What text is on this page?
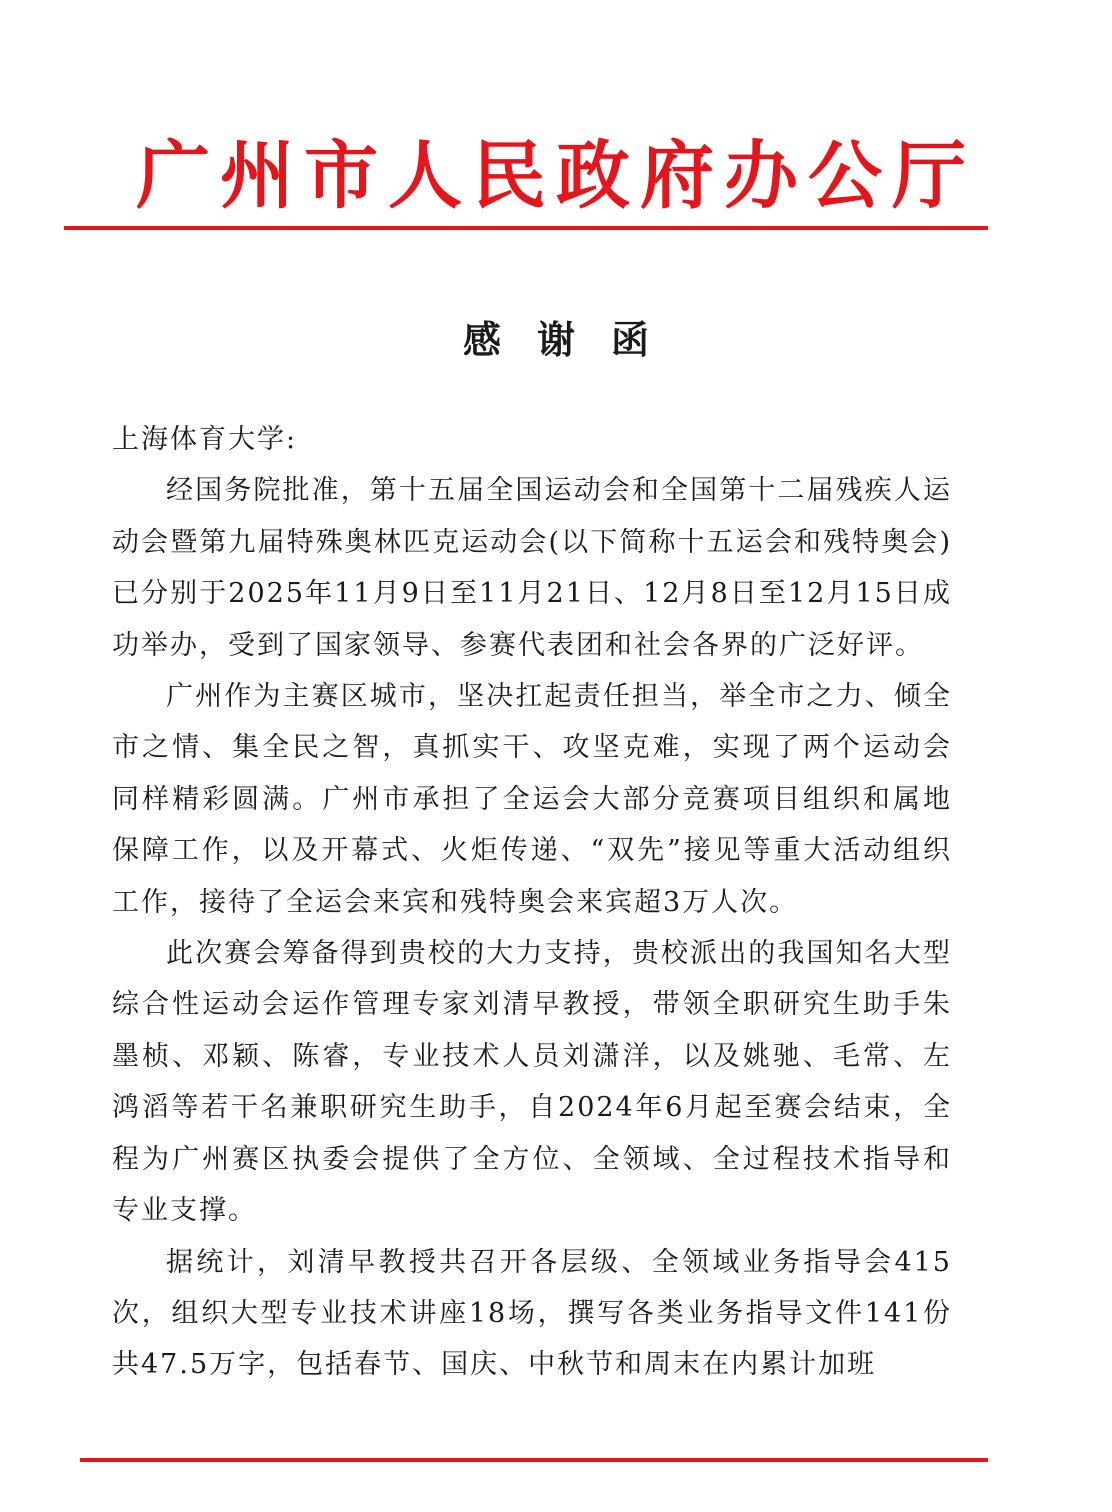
广州市人民政府办公厅
感谢函

上海体育大学:

经国务院批准，第十五届全国运动会和全国第十二届残疾人运动会暨第九届特殊奥林匹克运动会(以下简称十五运会和残特奥会)已分别于2025年11月9日至11月21日、12月8日至12月15日成功举办，受到了国家领导、参赛代表团和社会各界的广泛好评。

广州作为主赛区城市，坚决扛起责任担当，举全市之力、倾全市之情、集全民之智，真抓实干、攻坚克难，实现了两个运动会同样精彩圆满。广州市承担了全运会大部分竞赛项目组织和属地保障工作，以及开幕式、火炬传递、“双先”接见等重大活动组织工作，接待了全运会来宾和残特奥会来宾超3万人次。

此次赛会筹备得到贵校的大力支持，贵校派出的我国知名大型综合性运动会运作管理专家刘清早教授，带领全职研究生助手朱墨桢、邓颖、陈睿，专业技术人员刘潇洋，以及姚驰、毛常、左鸿滔等若干名兼职研究生助手，自2024年6月起至赛会结束，全程为广州赛区执委会提供了全方位、全领域、全过程技术指导和专业支撑。

据统计，刘清早教授共召开各层级、全领域业务指导会415次，组织大型专业技术讲座18场，撰写各类业务指导文件141份共47.5万字，包括春节、国庆、中秋节和周末在内累计加班
